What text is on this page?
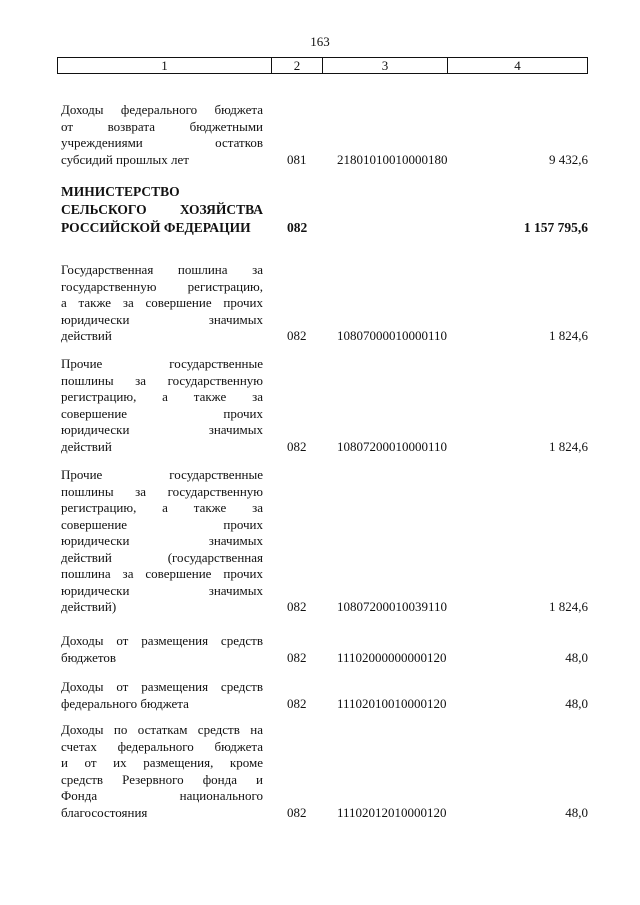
163
1	2	3	4
Доходы федерального бюджета
от возврата бюджетными
учреждениями остатков
субсидий прошлых лет	081 21801010010000180	9 432,6
МИНИСТЕРСТВО
СЕЛЬСКОГО ХОЗЯЙСТВА
РОССИЙСКОЙ ФЕДЕРАЦИИ	082	1 157 795,6
Государственная пошлина за
государственную регистрацию,
а также за совершение прочих
юридически значимых
действий	082 10807000010000110	1 824,6
Прочие государственные
пошлины за государственную
регистрацию, а также за
совершение прочих
юридически значимых
действий	082 10807200010000110	1 824,6
Прочие государственные
пошлины за государственную
регистрацию, а также за
совершение прочих
юридически значимых
действий (государственная
пошлина за совершение прочих
юридически значимых
действий)	082 10807200010039110	1 824,6
Доходы от размещения средств
бюджетов	082 11102000000000120	48,0
Доходы от размещения средств
федерального бюджета	082 11102010010000120	48,0
Доходы по остаткам средств на
счетах федерального бюджета
и от их размещения, кроме
средств Резервного фонда и
Фонда национального
благосостояния	082 11102012010000120	48,0
